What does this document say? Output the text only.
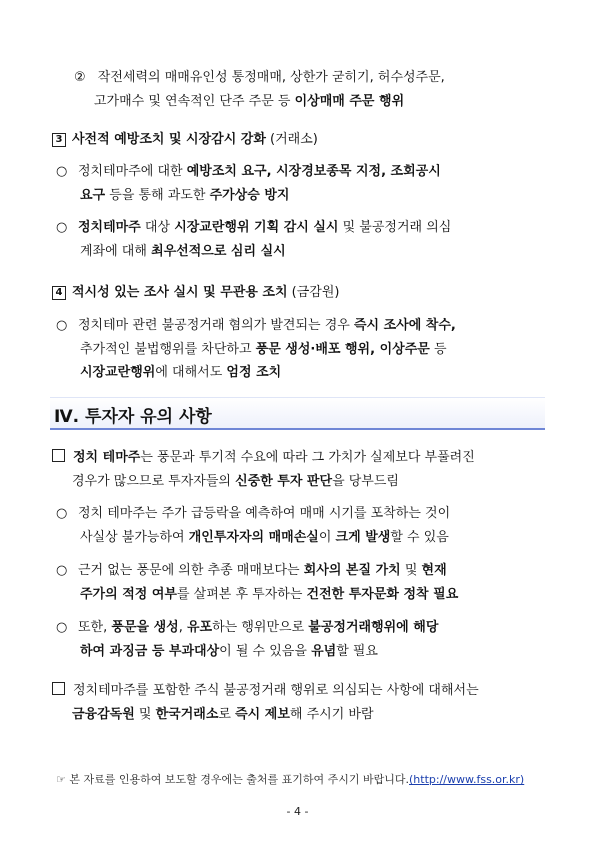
② 작전세력의 매매유인성 통정매매, 상한가 굳히기, 허수성주문,
고가매수 및 연속적인 단주 주문 등 이상매매 주문 행위
3 사전적 예방조치 및 시장감시 강화 (거래소)
○ 정치테마주에 대한 예방조치 요구, 시장경보종목 지정, 조회공시
요구 등을 통해 과도한 주가상승 방지
○ 정치테마주 대상 시장교란행위 기획 감시 실시 및 불공정거래 의심
계좌에 대해 최우선적으로 심리 실시
4 적시성 있는 조사 실시 및 무관용 조치 (금감원)
○ 정치테마 관련 불공정거래 혐의가 발견되는 경우 즉시 조사에 착수,
추가적인 불법행위를 차단하고 풍문 생성·배포 행위, 이상주문 등
시장교란행위에 대해서도 엄정 조치
Ⅳ. 투자자 유의 사항
정치 테마주는 풍문과 투기적 수요에 따라 그 가치가 실제보다 부풀려진
경우가 많으므로 투자자들의 신중한 투자 판단을 당부드림
○ 정치 테마주는 주가 급등락을 예측하여 매매 시기를 포착하는 것이
사실상 불가능하여 개인투자자의 매매손실이 크게 발생할 수 있음
○ 근거 없는 풍문에 의한 추종 매매보다는 회사의 본질 가치 및 현재
주가의 적정 여부를 살펴본 후 투자하는 건전한 투자문화 정착 필요
○ 또한, 풍문을 생성, 유포하는 행위만으로 불공정거래행위에 해당
하여 과징금 등 부과대상이 될 수 있음을 유념할 필요
정치테마주를 포함한 주식 불공정거래 행위로 의심되는 사항에 대해서는
금융감독원 및 한국거래소로 즉시 제보해 주시기 바람
☞ 본 자료를 인용하여 보도할 경우에는 출처를 표기하여 주시기 바랍니다.(http://www.fss.or.kr)
- 4 -
